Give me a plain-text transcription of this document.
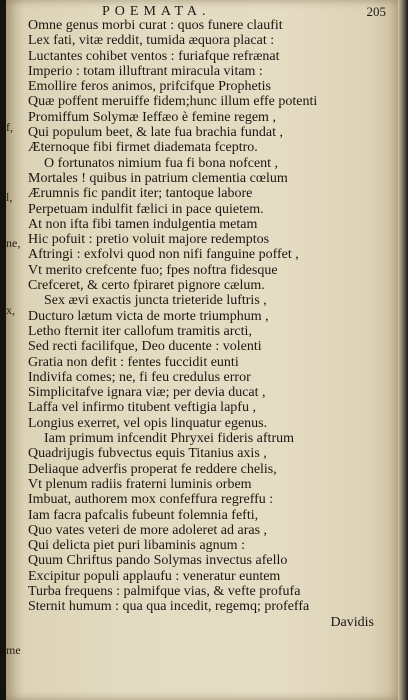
f,
l,
ne,
x,
me
POEMATA.	205
Omne genus morbi curat : quos funere claufit
Lex fati, vitæ reddit, tumida æquora placat :
Luctantes cohibet ventos : furiafque refrænat
Imperio : totam illuftrant miracula vitam :
Emollire feros animos, prifcifque Prophetis
Quæ poffent meruiffe fidem;hunc illum effe potenti
Promiffum Solymæ Ieffæo è femine regem ,
Qui populum beet, & late fua brachia fundat ,
Æternoque fibi firmet diademata fceptro.
O fortunatos nimium fua fi bona nofcent ,
Mortales ! quibus in patrium clementia cœlum
Ærumnis fic pandit iter; tantoque labore
Perpetuam indulfit fælici in pace quietem.
At non ifta fibi tamen indulgentia metam
Hic pofuit : pretio voluit majore redemptos
Aftringi : exfolvi quod non nifi fanguine poffet ,
Vt merito crefcente fuo; fpes noftra fidesque
Crefceret, & certo fpiraret pignore cælum.
Sex ævi exactis juncta trieteride luftris ,
Ducturo lætum victa de morte triumphum ,
Letho fternit iter callofum tramitis arcti,
Sed recti facilifque, Deo ducente : volenti
Gratia non defit : fentes fuccidit eunti
Indivifa comes; ne, fi feu credulus error
Simplicitafve ignara viæ; per devia ducat ,
Laffa vel infirmo titubent veftigia lapfu ,
Longius exerret, vel opis linquatur egenus.
Iam primum infcendit Phryxei fideris aftrum
Quadrijugis fubvectus equis Titanius axis ,
Deliaque adverfis properat fe reddere chelis,
Vt plenum radiis fraterni luminis orbem
Imbuat, authorem mox confeffura regreffu :
Iam facra pafcalis fubeunt folemnia fefti,
Quo vates veteri de more adoleret ad aras ,
Qui delicta piet puri libaminis agnum :
Quum Chriftus pando Solymas invectus afello
Excipitur populi applaufu : veneratur euntem
Turba frequens : palmifque vias, & vefte profufa
Sternit humum : qua qua incedit, regemq; profeffa
Davidis
